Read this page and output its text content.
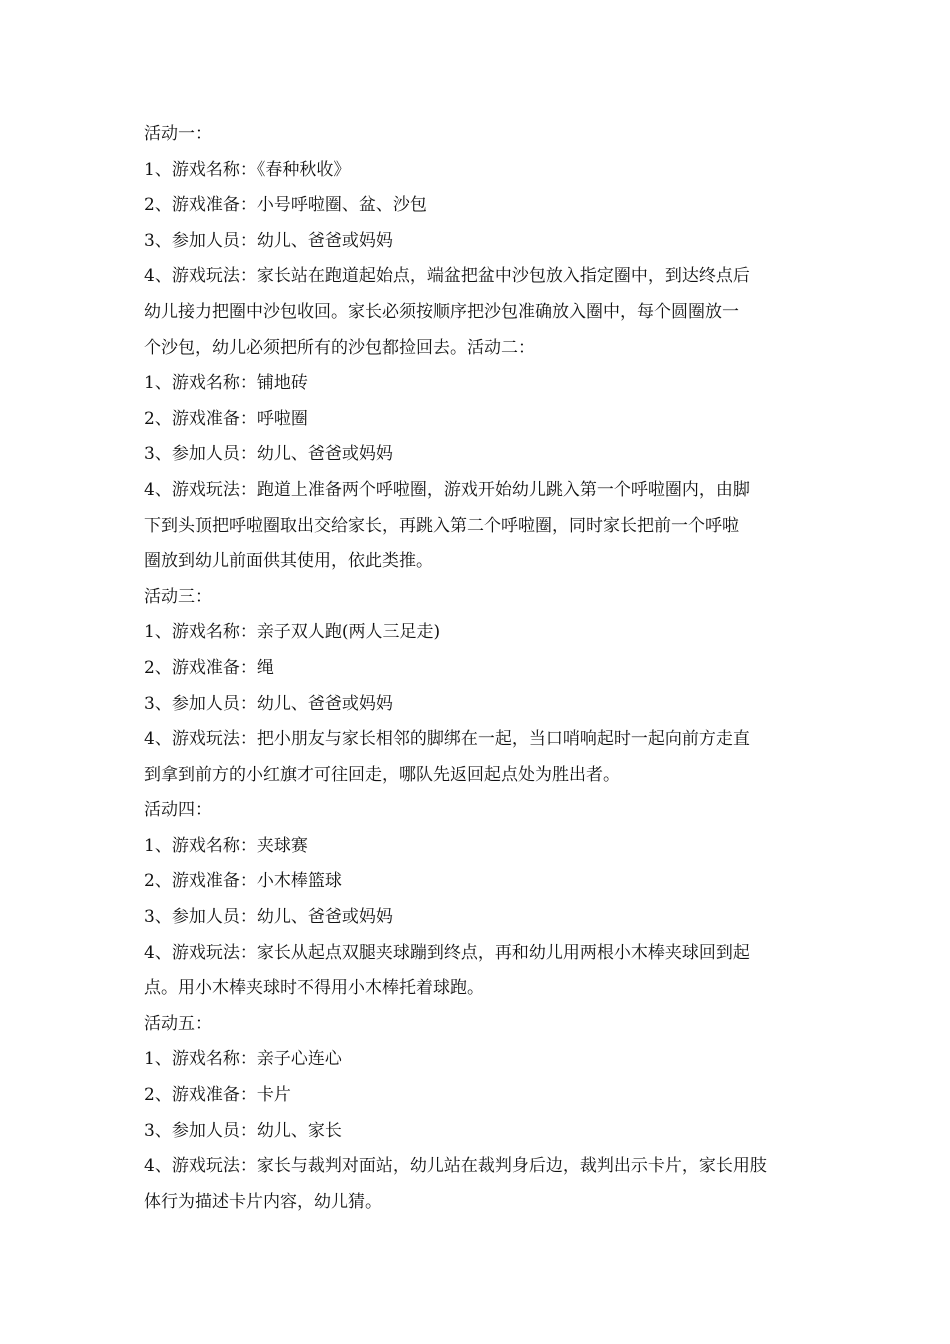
活动一：
1、游戏名称：《春种秋收》
2、游戏准备：小号呼啦圈、盆、沙包
3、参加人员：幼儿、爸爸或妈妈
4、游戏玩法：家长站在跑道起始点，端盆把盆中沙包放入指定圈中，到达终点后
幼儿接力把圈中沙包收回。家长必须按顺序把沙包准确放入圈中，每个圆圈放一
个沙包，幼儿必须把所有的沙包都捡回去。活动二：
1、游戏名称：铺地砖
2、游戏准备：呼啦圈
3、参加人员：幼儿、爸爸或妈妈
4、游戏玩法：跑道上准备两个呼啦圈，游戏开始幼儿跳入第一个呼啦圈内，由脚
下到头顶把呼啦圈取出交给家长，再跳入第二个呼啦圈，同时家长把前一个呼啦
圈放到幼儿前面供其使用，依此类推。
活动三：
1、游戏名称：亲子双人跑(两人三足走)
2、游戏准备：绳
3、参加人员：幼儿、爸爸或妈妈
4、游戏玩法：把小朋友与家长相邻的脚绑在一起，当口哨响起时一起向前方走直
到拿到前方的小红旗才可往回走，哪队先返回起点处为胜出者。
活动四：
1、游戏名称：夹球赛
2、游戏准备：小木棒篮球
3、参加人员：幼儿、爸爸或妈妈
4、游戏玩法：家长从起点双腿夹球蹦到终点，再和幼儿用两根小木棒夹球回到起
点。用小木棒夹球时不得用小木棒托着球跑。
活动五：
1、游戏名称：亲子心连心
2、游戏准备：卡片
3、参加人员：幼儿、家长
4、游戏玩法：家长与裁判对面站，幼儿站在裁判身后边，裁判出示卡片，家长用肢
体行为描述卡片内容，幼儿猜。
